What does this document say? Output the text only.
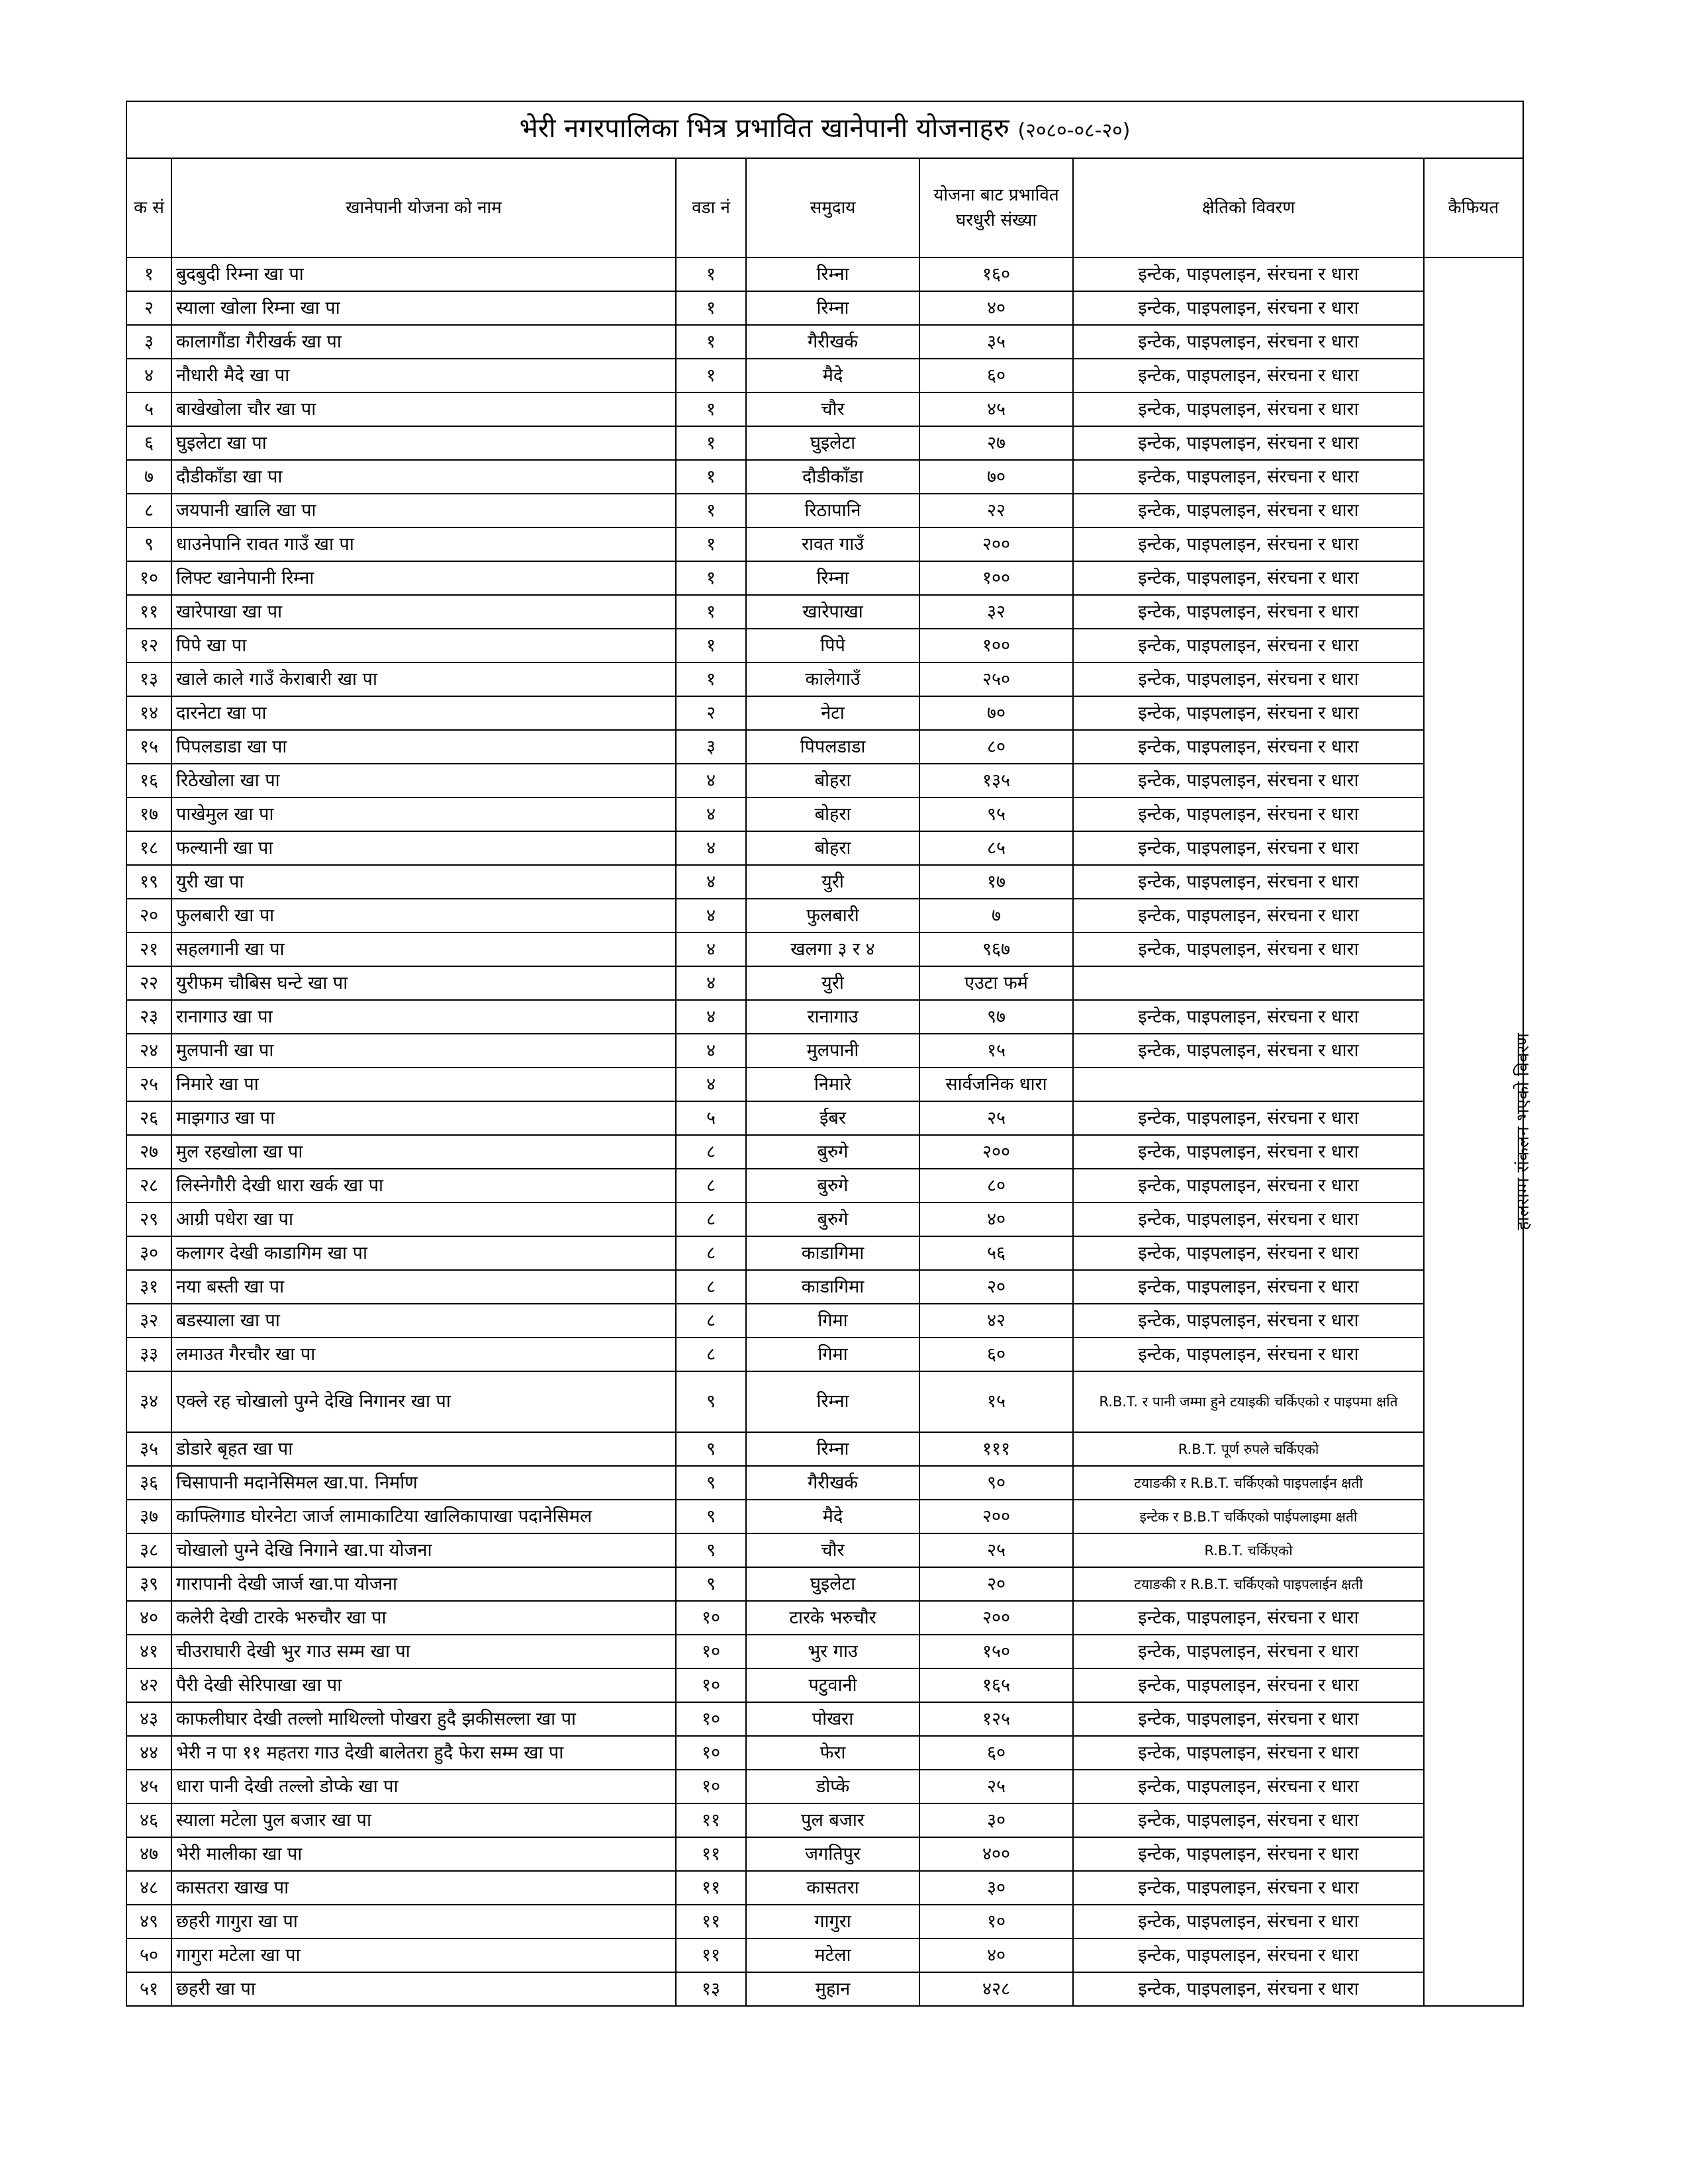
भेरी नगरपालिका भित्र प्रभावित खानेपानी योजनाहरु (२०८०-०८-२०)						
क सं	खानेपानी योजना को नाम	वडा नं	समुदाय	योजना बाट प्रभावित घरधुरी संख्या	क्षेतिको विवरण	कैफियत
१	बुदबुदी रिम्ना खा पा	१	रिम्ना	१६०	इन्टेक, पाइपलाइन, संरचना र धारा	हालसम्म संकलन भएको विवरण
२	स्याला खोला रिम्ना खा पा	१	रिम्ना	४०	इन्टेक, पाइपलाइन, संरचना र धारा	
३	कालागौंडा गैरीखर्क खा पा	१	गैरीखर्क	३५	इन्टेक, पाइपलाइन, संरचना र धारा	
४	नौधारी मैदे खा पा	१	मैदे	६०	इन्टेक, पाइपलाइन, संरचना र धारा	
५	बाखेखोला चौर खा पा	१	चौर	४५	इन्टेक, पाइपलाइन, संरचना र धारा	
६	घुइलेटा खा पा	१	घुइलेटा	२७	इन्टेक, पाइपलाइन, संरचना र धारा	
७	दौडीकाँडा खा पा	१	दौडीकाँडा	७०	इन्टेक, पाइपलाइन, संरचना र धारा	
८	जयपानी खालि खा पा	१	रिठापानि	२२	इन्टेक, पाइपलाइन, संरचना र धारा	
९	धाउनेपानि रावत गाउँ खा पा	१	रावत गाउँ	२००	इन्टेक, पाइपलाइन, संरचना र धारा	
१०	लिफ्ट खानेपानी रिम्ना	१	रिम्ना	१००	इन्टेक, पाइपलाइन, संरचना र धारा	
११	खारेपाखा खा पा	१	खारेपाखा	३२	इन्टेक, पाइपलाइन, संरचना र धारा	
१२	पिपे खा पा	१	पिपे	१००	इन्टेक, पाइपलाइन, संरचना र धारा	
१३	खाले काले गाउँ केराबारी खा पा	१	कालेगाउँ	२५०	इन्टेक, पाइपलाइन, संरचना र धारा	
१४	दारनेटा खा पा	२	नेटा	७०	इन्टेक, पाइपलाइन, संरचना र धारा	
१५	पिपलडाडा खा पा	३	पिपलडाडा	८०	इन्टेक, पाइपलाइन, संरचना र धारा	
१६	रिठेखोला खा पा	४	बोहरा	१३५	इन्टेक, पाइपलाइन, संरचना र धारा	
१७	पाखेमुल खा पा	४	बोहरा	९५	इन्टेक, पाइपलाइन, संरचना र धारा	
१८	फल्यानी खा पा	४	बोहरा	८५	इन्टेक, पाइपलाइन, संरचना र धारा	
१९	युरी खा पा	४	युरी	१७	इन्टेक, पाइपलाइन, संरचना र धारा	
२०	फुलबारी खा पा	४	फुलबारी	७	इन्टेक, पाइपलाइन, संरचना र धारा	
२१	सहलगानी खा पा	४	खलगा ३ र ४	९६७	इन्टेक, पाइपलाइन, संरचना र धारा	
२२	युरीफम चौबिस घन्टे खा पा	४	युरी	एउटा फर्म		
२३	रानागाउ खा पा	४	रानागाउ	९७	इन्टेक, पाइपलाइन, संरचना र धारा	
२४	मुलपानी खा पा	४	मुलपानी	१५	इन्टेक, पाइपलाइन, संरचना र धारा	
२५	निमारे खा पा	४	निमारे	सार्वजनिक धारा		
२६	माझगाउ खा पा	५	ईबर	२५	इन्टेक, पाइपलाइन, संरचना र धारा	
२७	मुल रहखोला खा पा	८	बुरुगे	२००	इन्टेक, पाइपलाइन, संरचना र धारा	
२८	लिस्नेगौरी देखी धारा खर्क खा पा	८	बुरुगे	८०	इन्टेक, पाइपलाइन, संरचना र धारा	
२९	आग्री पधेरा खा पा	८	बुरुगे	४०	इन्टेक, पाइपलाइन, संरचना र धारा	
३०	कलागर देखी काडागिम खा पा	८	काडागिमा	५६	इन्टेक, पाइपलाइन, संरचना र धारा	
३१	नया बस्ती खा पा	८	काडागिमा	२०	इन्टेक, पाइपलाइन, संरचना र धारा	
३२	बडस्याला खा पा	८	गिमा	४२	इन्टेक, पाइपलाइन, संरचना र धारा	
३३	लमाउत गैरचौर खा पा	८	गिमा	६०	इन्टेक, पाइपलाइन, संरचना र धारा	
३४	एक्ले रह चोखालो पुग्ने देखि निगानर खा पा	९	रिम्ना	१५	R.B.T. र पानी जम्मा हुने टयाइकी चर्किएको र पाइपमा क्षति	
३५	डोडारे बृहत खा पा	९	रिम्ना	१११	R.B.T. पूर्ण रुपले चर्किएको	
३६	चिसापानी मदानेसिमल खा.पा. निर्माण	९	गैरीखर्क	९०	टयाङकी र R.B.T. चर्किएको पाइपलाईन क्षती	
३७	काफ्लिगाड घोरनेटा जार्ज लामाकाटिया खालिकापाखा पदानेसिमल	९	मैदे	२००	इन्टेक र B.B.T चर्किएको पाईपलाइमा क्षती	
३८	चोखालो पुग्ने देखि निगाने खा.पा योजना	९	चौर	२५	R.B.T. चर्किएको	
३९	गारापानी देखी जार्ज खा.पा योजना	९	घुइलेटा	२०	टयाङकी र R.B.T. चर्किएको पाइपलाईन क्षती	
४०	कलेरी देखी टारके भरुचौर खा पा	१०	टारके भरुचौर	२००	इन्टेक, पाइपलाइन, संरचना र धारा	
४१	चीउराघारी देखी भुर गाउ सम्म खा पा	१०	भुर गाउ	१५०	इन्टेक, पाइपलाइन, संरचना र धारा	
४२	पैरी देखी सेरिपाखा खा पा	१०	पटुवानी	१६५	इन्टेक, पाइपलाइन, संरचना र धारा	
४३	काफलीघार देखी तल्लो माथिल्लो पोखरा हुदै झकीसल्ला खा पा	१०	पोखरा	१२५	इन्टेक, पाइपलाइन, संरचना र धारा	
४४	भेरी न पा ११ महतरा गाउ देखी बालेतरा हुदै फेरा सम्म खा पा	१०	फेरा	६०	इन्टेक, पाइपलाइन, संरचना र धारा	
४५	धारा पानी देखी तल्लो डोप्के खा पा	१०	डोप्के	२५	इन्टेक, पाइपलाइन, संरचना र धारा	
४६	स्याला मटेला पुल बजार खा पा	११	पुल बजार	३०	इन्टेक, पाइपलाइन, संरचना र धारा	
४७	भेरी मालीका खा पा	११	जगतिपुर	४००	इन्टेक, पाइपलाइन, संरचना र धारा	
४८	कासतरा खाख पा	११	कासतरा	३०	इन्टेक, पाइपलाइन, संरचना र धारा	
४९	छहरी गागुरा खा पा	११	गागुरा	१०	इन्टेक, पाइपलाइन, संरचना र धारा	
५०	गागुरा मटेला खा पा	११	मटेला	४०	इन्टेक, पाइपलाइन, संरचना र धारा	
५१	छहरी खा पा	१३	मुहान	४२८	इन्टेक, पाइपलाइन, संरचना र धारा	
